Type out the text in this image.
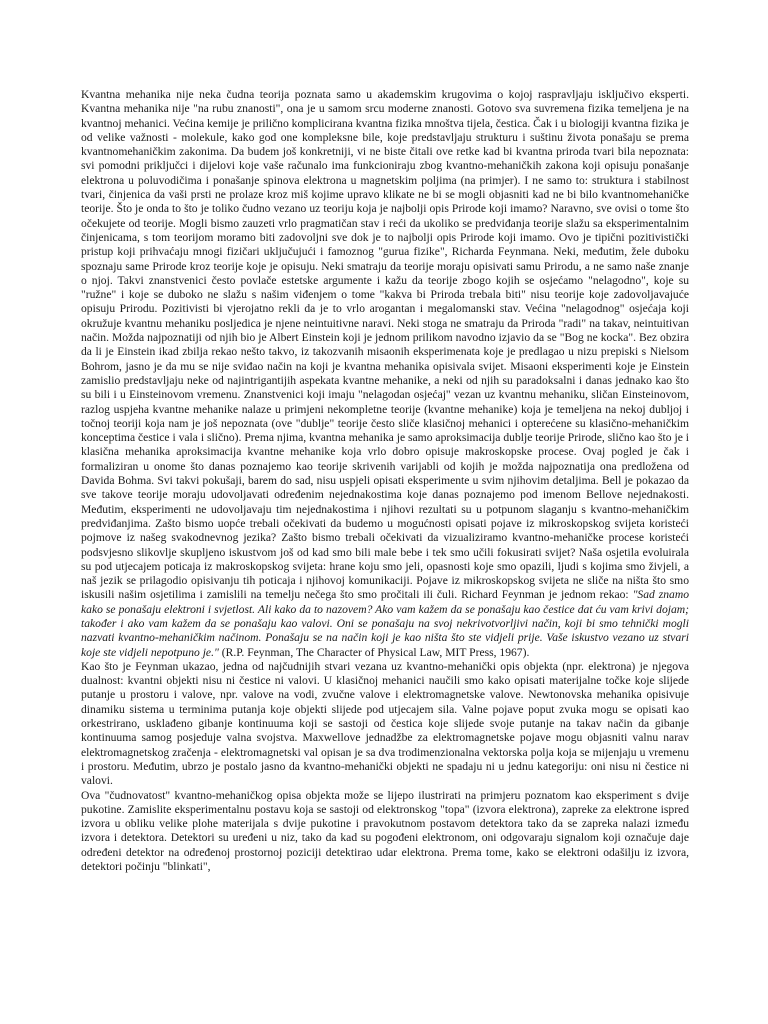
Kvantna mehanika nije neka čudna teorija poznata samo u akademskim krugovima o kojoj raspravljaju isključivo eksperti. Kvantna mehanika nije "na rubu znanosti", ona je u samom srcu moderne znanosti. Gotovo sva suvremena fizika temeljena je na kvantnoj mehanici. Većina kemije je prilično komplicirana kvantna fizika mnoštva tijela, čestica. Čak i u biologiji kvantna fizika je od velike važnosti - molekule, kako god one kompleksne bile, koje predstavljaju strukturu i suštinu života ponašaju se prema kvantnomehaničkim zakonima. Da budem još konkretniji, vi ne biste čitali ove retke kad bi kvantna priroda tvari bila nepoznata: svi pomodni priključci i dijelovi koje vaše računalo ima funkcioniraju zbog kvantno-mehaničkih zakona koji opisuju ponašanje elektrona u poluvodičima i ponašanje spinova elektrona u magnetskim poljima (na primjer). I ne samo to: struktura i stabilnost tvari, činjenica da vaši prsti ne prolaze kroz miš kojime upravo klikate ne bi se mogli objasniti kad ne bi bilo kvantnomehaničke teorije. Što je onda to što je toliko čudno vezano uz teoriju koja je najbolji opis Prirode koji imamo? Naravno, sve ovisi o tome što očekujete od teorije. Mogli bismo zauzeti vrlo pragmatičan stav i reći da ukoliko se predviđanja teorije slažu sa eksperimentalnim činjenicama, s tom teorijom moramo biti zadovoljni sve dok je to najbolji opis Prirode koji imamo. Ovo je tipični pozitivistički pristup koji prihvaćaju mnogi fizičari uključujući i famoznog "gurua fizike", Richarda Feynmana. Neki, međutim, žele duboku spoznaju same Prirode kroz teorije koje je opisuju. Neki smatraju da teorije moraju opisivati samu Prirodu, a ne samo naše znanje o njoj. Takvi znanstvenici često povlače estetske argumente i kažu da teorije zbogo kojih se osjećamo "nelagodno", koje su "ružne" i koje se duboko ne slažu s našim viđenjem o tome "kakva bi Priroda trebala biti" nisu teorije koje zadovoljavajuće opisuju Prirodu. Pozitivisti bi vjerojatno rekli da je to vrlo arogantan i megalomanski stav. Većina "nelagodnog" osjećaja koji okružuje kvantnu mehaniku posljedica je njene neintuitivne naravi. Neki stoga ne smatraju da Priroda "radi" na takav, neintuitivan način. Možda najpoznatiji od njih bio je Albert Einstein koji je jednom prilikom navodno izjavio da se "Bog ne kocka". Bez obzira da li je Einstein ikad zbilja rekao nešto takvo, iz takozvanih misaonih eksperimenata koje je predlagao u nizu prepiski s Nielsom Bohrom, jasno je da mu se nije sviđao način na koji je kvantna mehanika opisivala svijet. Misaoni eksperimenti koje je Einstein zamislio predstavljaju neke od najintrigantijih aspekata kvantne mehanike, a neki od njih su paradoksalni i danas jednako kao što su bili i u Einsteinovom vremenu. Znanstvenici koji imaju "nelagodan osjećaj" vezan uz kvantnu mehaniku, sličan Einsteinovom, razlog uspjeha kvantne mehanike nalaze u primjeni nekompletne teorije (kvantne mehanike) koja je temeljena na nekoj dubljoj i točnoj teoriji koja nam je još nepoznata (ove "dublje" teorije često sliče klasičnoj mehanici i opterećene su klasično-mehaničkim konceptima čestice i vala i slično). Prema njima, kvantna mehanika je samo aproksimacija dublje teorije Prirode, slično kao što je i klasična mehanika aproksimacija kvantne mehanike koja vrlo dobro opisuje makroskopske procese. Ovaj pogled je čak i formaliziran u onome što danas poznajemo kao teorije skrivenih varijabli od kojih je možda najpoznatija ona predložena od Davida Bohma. Svi takvi pokušaji, barem do sad, nisu uspjeli opisati eksperimente u svim njihovim detaljima. Bell je pokazao da sve takove teorije moraju udovoljavati određenim nejednakostima koje danas poznajemo pod imenom Bellove nejednakosti. Međutim, eksperimenti ne udovoljavaju tim nejednakostima i njihovi rezultati su u potpunom slaganju s kvantno-mehaničkim predviđanjima. Zašto bismo uopće trebali očekivati da budemo u mogućnosti opisati pojave iz mikroskopskog svijeta koristeći pojmove iz našeg svakodnevnog jezika? Zašto bismo trebali očekivati da vizualiziramo kvantno-mehaničke procese koristeći podsvjesno slikovlje skupljeno iskustvom još od kad smo bili male bebe i tek smo učili fokusirati svijet? Naša osjetila evoluirala su pod utjecajem poticaja iz makroskopskog svijeta: hrane koju smo jeli, opasnosti koje smo opazili, ljudi s kojima smo živjeli, a naš jezik se prilagodio opisivanju tih poticaja i njihovoj komunikaciji. Pojave iz mikroskopskog svijeta ne sliče na ništa što smo iskusili našim osjetilima i zamislili na temelju nečega što smo pročitali ili čuli. Richard Feynman je jednom rekao: "Sad znamo kako se ponašaju elektroni i svjetlost. Ali kako da to nazovem? Ako vam kažem da se ponašaju kao čestice dat ću vam krivi dojam; također i ako vam kažem da se ponašaju kao valovi. Oni se ponašaju na svoj nekrivotvorljivi način, koji bi smo tehnički mogli nazvati kvantno-mehaničkim načinom. Ponašaju se na način koji je kao ništa što ste vidjeli prije. Vaše iskustvo vezano uz stvari koje ste vidjeli nepotpuno je." (R.P. Feynman, The Character of Physical Law, MIT Press, 1967).

Kao što je Feynman ukazao, jedna od najčudnijih stvari vezana uz kvantno-mehanički opis objekta (npr. elektrona) je njegova dualnost: kvantni objekti nisu ni čestice ni valovi. U klasičnoj mehanici naučili smo kako opisati materijalne točke koje slijede putanje u prostoru i valove, npr. valove na vodi, zvučne valove i elektromagnetske valove. Newtonovska mehanika opisivuje dinamiku sistema u terminima putanja koje objekti slijede pod utjecajem sila. Valne pojave poput zvuka mogu se opisati kao orkestrirano, usklađeno gibanje kontinuuma koji se sastoji od čestica koje slijede svoje putanje na takav način da gibanje kontinuuma samog posjeduje valna svojstva. Maxwellove jednadžbe za elektromagnetske pojave mogu objasniti valnu narav elektromagnetskog zračenja - elektromagnetski val opisan je sa dva trodimenzionalna vektorska polja koja se mijenjaju u vremenu i prostoru. Međutim, ubrzo je postalo jasno da kvantno-mehanički objekti ne spadaju ni u jednu kategoriju: oni nisu ni čestice ni valovi.

Ova "čudnovatost" kvantno-mehaničkog opisa objekta može se lijepo ilustrirati na primjeru poznatom kao eksperiment s dvije pukotine. Zamislite eksperimentalnu postavu koja se sastoji od elektronskog "topa" (izvora elektrona), zapreke za elektrone ispred izvora u obliku velike plohe materijala s dvije pukotine i pravokutnom postavom detektora tako da se zapreka nalazi između izvora i detektora. Detektori su uređeni u niz, tako da kad su pogođeni elektronom, oni odgovaraju signalom koji označuje daje određeni detektor na određenoj prostornoj poziciji detektirao udar elektrona. Prema tome, kako se elektroni odašilju iz izvora, detektori počinju "blinkati",
